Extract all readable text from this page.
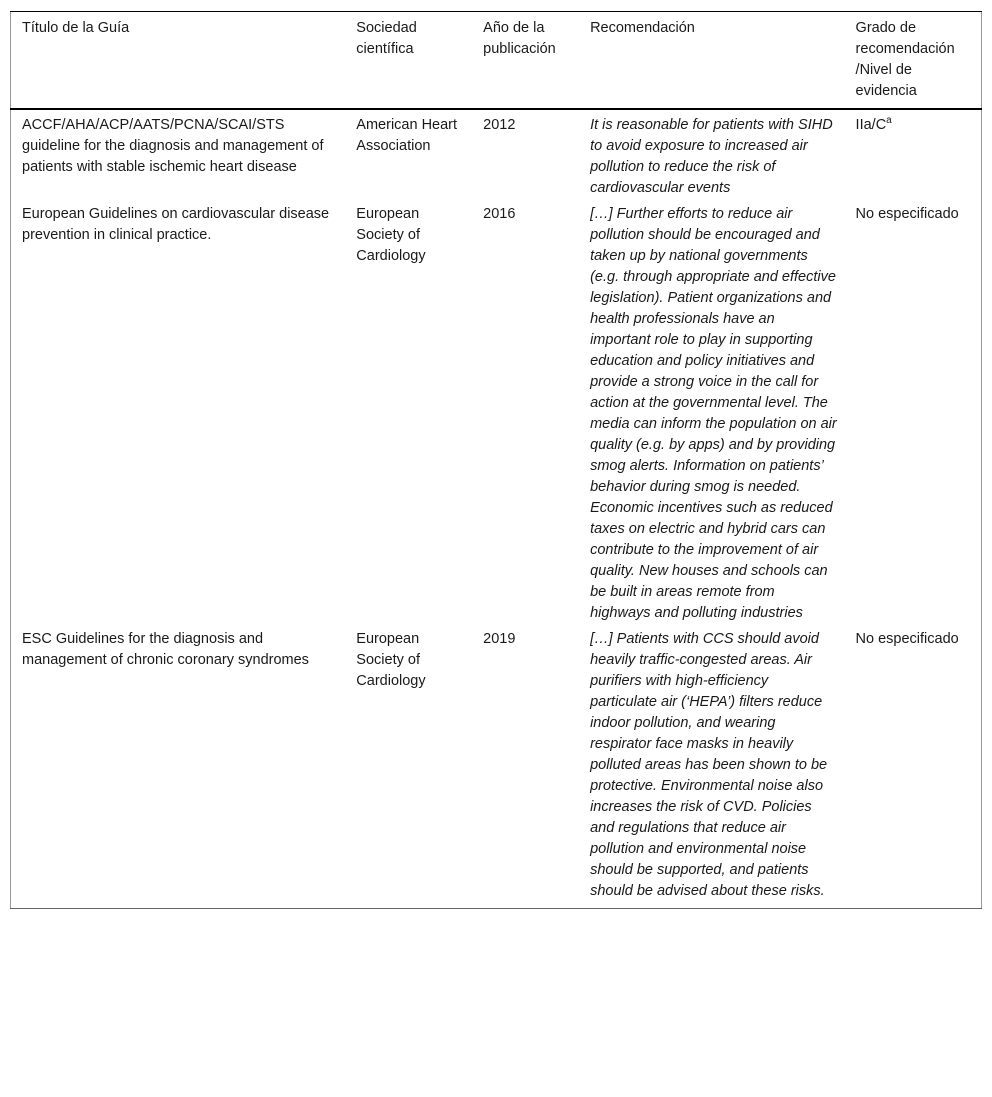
Título de la Guía	Sociedad científica	Año de la publicación	Recomendación	Grado de recomendación /Nivel de evidencia
ACCF/AHA/ACP/AATS/PCNA/SCAI/STS guideline for the diagnosis and management of patients with stable ischemic heart disease	American Heart Association	2012	It is reasonable for patients with SIHD to avoid exposure to increased air pollution to reduce the risk of cardiovascular events	IIa/$C^a$
European Guidelines on cardiovascular disease prevention in clinical practice.	European Society of Cardiology	2016	[…] Further efforts to reduce air pollution should be encouraged and taken up by national governments (e.g. through appropriate and effective legislation). Patient organizations and health professionals have an important role to play in supporting education and policy initiatives and provide a strong voice in the call for action at the governmental level. The media can inform the population on air quality (e.g. by apps) and by providing smog alerts. Information on patients’ behavior during smog is needed. Economic incentives such as reduced taxes on electric and hybrid cars can contribute to the improvement of air quality. New houses and schools can be built in areas remote from highways and polluting industries	No especificado
ESC Guidelines for the diagnosis and management of chronic coronary syndromes	European Society of Cardiology	2019	[…] Patients with CCS should avoid heavily traffic-congested areas. Air purifiers with high-efficiency particulate air (‘HEPA’) filters reduce indoor pollution, and wearing respirator face masks in heavily polluted areas has been shown to be protective. Environmental noise also increases the risk of CVD. Policies and regulations that reduce air pollution and environmental noise should be supported, and patients should be advised about these risks.	No especificado
